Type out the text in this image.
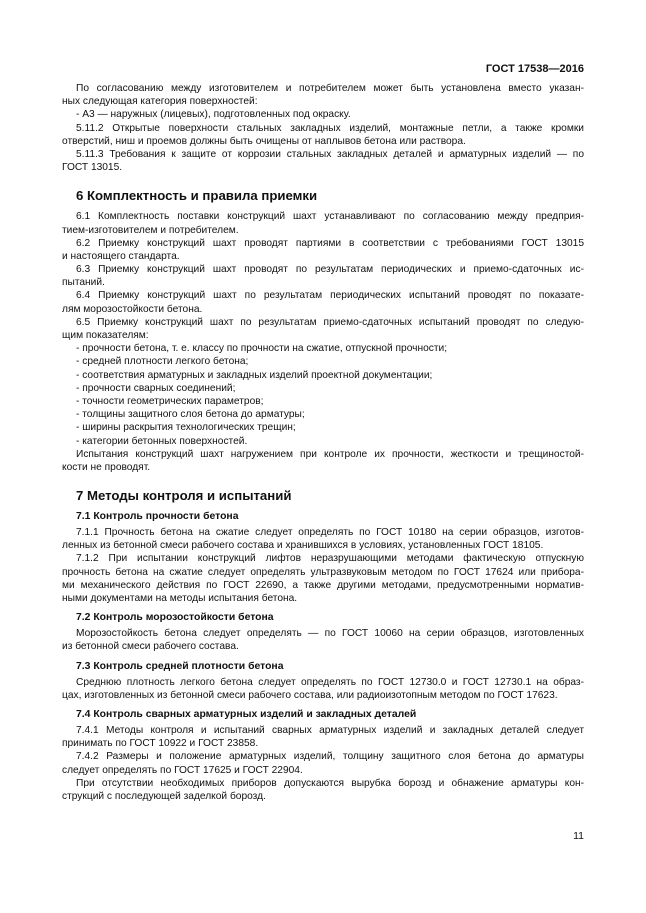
ГОСТ 17538—2016
По согласованию между изготовителем и потребителем может быть установлена вместо указан-
ных следующая категория поверхностей:
- А3 — наружных (лицевых), подготовленных под окраску.
5.11.2 Открытые поверхности стальных закладных изделий, монтажные петли, а также кромки
отверстий, ниш и проемов должны быть очищены от наплывов бетона или раствора.
5.11.3 Требования к защите от коррозии стальных закладных деталей и арматурных изделий — по
ГОСТ 13015.
6 Комплектность и правила приемки
6.1 Комплектность поставки конструкций шахт устанавливают по согласованию между предприя-
тием-изготовителем и потребителем.
6.2 Приемку конструкций шахт проводят партиями в соответствии с требованиями ГОСТ 13015
и настоящего стандарта.
6.3 Приемку конструкций шахт проводят по результатам периодических и приемо-сдаточных ис-
пытаний.
6.4 Приемку конструкций шахт по результатам периодических испытаний проводят по показате-
лям морозостойкости бетона.
6.5 Приемку конструкций шахт по результатам приемо-сдаточных испытаний проводят по следую-
щим показателям:
- прочности бетона, т. е. классу по прочности на сжатие, отпускной прочности;
- средней плотности легкого бетона;
- соответствия арматурных и закладных изделий проектной документации;
- прочности сварных соединений;
- точности геометрических параметров;
- толщины защитного слоя бетона до арматуры;
- ширины раскрытия технологических трещин;
- категории бетонных поверхностей.
Испытания конструкций шахт нагружением при контроле их прочности, жесткости и трещиностой-
кости не проводят.
7 Методы контроля и испытаний
7.1 Контроль прочности бетона
7.1.1 Прочность бетона на сжатие следует определять по ГОСТ 10180 на серии образцов, изготов-
ленных из бетонной смеси рабочего состава и хранившихся в условиях, установленных ГОСТ 18105.
7.1.2 При испытании конструкций лифтов неразрушающими методами фактическую отпускную
прочность бетона на сжатие следует определять ультразвуковым методом по ГОСТ 17624 или прибора-
ми механического действия по ГОСТ 22690, а также другими методами, предусмотренными норматив-
ными документами на методы испытания бетона.
7.2 Контроль морозостойкости бетона
Морозостойкость бетона следует определять — по ГОСТ 10060 на серии образцов, изготовленных
из бетонной смеси рабочего состава.
7.3 Контроль средней плотности бетона
Среднюю плотность легкого бетона следует определять по ГОСТ 12730.0 и ГОСТ 12730.1 на образ-
цах, изготовленных из бетонной смеси рабочего состава, или радиоизотопным методом по ГОСТ 17623.
7.4 Контроль сварных арматурных изделий и закладных деталей
7.4.1 Методы контроля и испытаний сварных арматурных изделий и закладных деталей следует
принимать по ГОСТ 10922 и ГОСТ 23858.
7.4.2 Размеры и положение арматурных изделий, толщину защитного слоя бетона до арматуры
следует определять по ГОСТ 17625 и ГОСТ 22904.
При отсутствии необходимых приборов допускаются вырубка борозд и обнажение арматуры кон-
струкций с последующей заделкой борозд.
11
